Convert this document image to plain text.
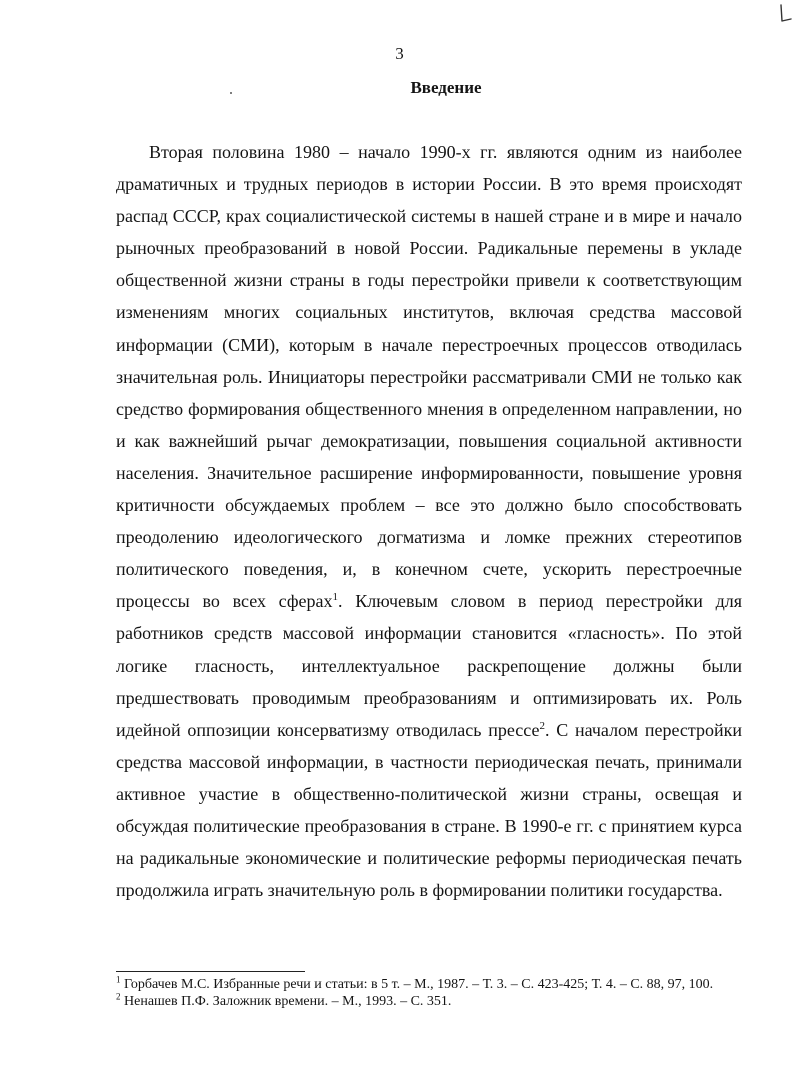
3
Введение

Вторая половина 1980 – начало 1990-х гг. являются одним из наиболее драматичных и трудных периодов в истории России. В это время происходят распад СССР, крах социалистической системы в нашей стране и в мире и начало рыночных преобразований в новой России. Радикальные перемены в укладе общественной жизни страны в годы перестройки привели к соответствующим изменениям многих социальных институтов, включая средства массовой информации (СМИ), которым в начале перестроечных процессов отводилась значительная роль. Инициаторы перестройки рассматривали СМИ не только как средство формирования общественного мнения в определенном направлении, но и как важнейший рычаг демократизации, повышения социальной активности населения. Значительное расширение информированности, повышение уровня критичности обсуждаемых проблем – все это должно было способствовать преодолению идеологического догматизма и ломке прежних стереотипов политического поведения, и, в конечном счете, ускорить перестроечные процессы во всех сферах$^1$. Ключевым словом в период перестройки для работников средств массовой информации становится «гласность». По этой логике гласность, интеллектуальное раскрепощение должны были предшествовать проводимым преобразованиям и оптимизировать их. Роль идейной оппозиции консерватизму отводилась прессе$^2$. С началом перестройки средства массовой информации, в частности периодическая печать, принимали активное участие в общественно-политической жизни страны, освещая и обсуждая политические преобразования в стране. В 1990-е гг. с принятием курса на радикальные экономические и политические реформы периодическая печать продолжила играть значительную роль в формировании политики государства.

$^1$ Горбачев М.С. Избранные речи и статьи: в 5 т. – М., 1987. – Т. 3. – С. 423-425; Т. 4. – С. 88, 97, 100.

$^2$ Ненашев П.Ф. Заложник времени. – М., 1993. – С. 351.
